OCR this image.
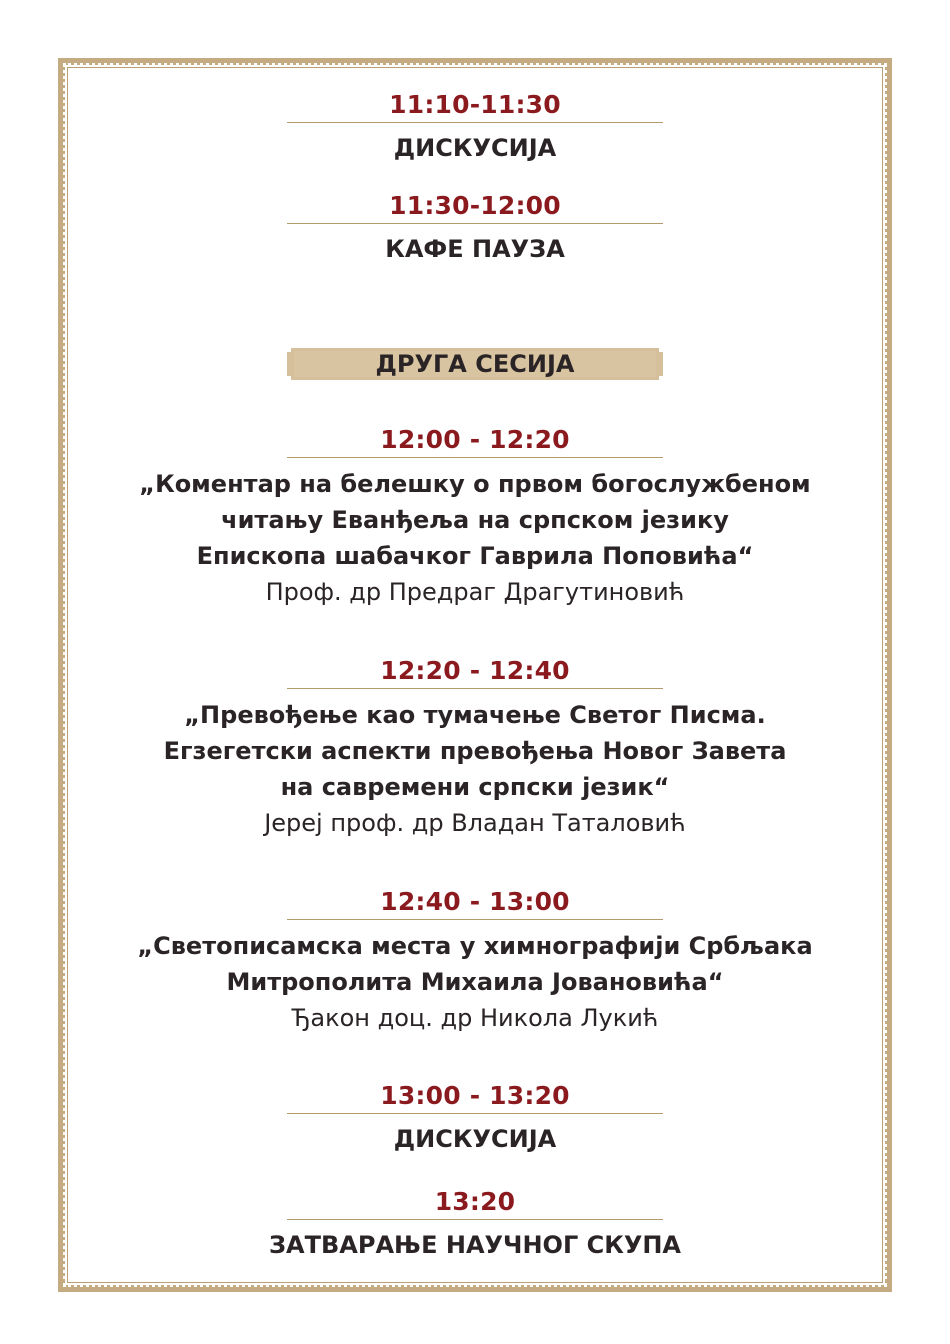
11:10-11:30
ДИСКУСИЈА
11:30-12:00
КАФЕ ПАУЗА
ДРУГА СЕСИЈА
12:00 - 12:20
„Коментар на белешку о првом богослужбеном
читању Еванђеља на српском језику
Епископа шабачког Гаврила Поповића“
Проф. др Предраг Драгутиновић
12:20 - 12:40
„Превођење као тумачење Светог Писма.
Егзегетски аспекти превођења Новог Завета
на савремени српски језик“
Јереј проф. др Владан Таталовић
12:40 - 13:00
„Светописамска места у химнографији Србљака
Митрополита Михаила Јовановића“
Ђакон доц. др Никола Лукић
13:00 - 13:20
ДИСКУСИЈА
13:20
ЗАТВАРАЊЕ НАУЧНОГ СКУПА
